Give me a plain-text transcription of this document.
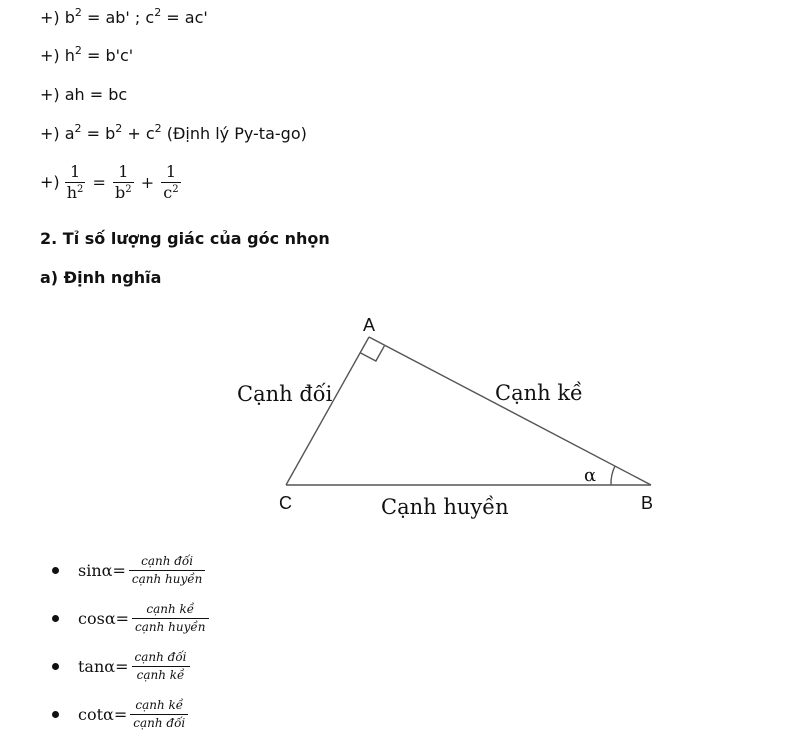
+) $b^2 = ab'$ ; $c^2 = ac'$
+) $h^2 = b'c'$
+) ah = bc
+) $a^2 = b^2 + c^2$ (Định lý Py-ta-go)
+) $\frac{1}{h^2} = \frac{1}{b^2} + \frac{1}{c^2}$
2. Tỉ số lượng giác của góc nhọn
a) Định nghĩa
A
C	B
α
Cạnh đối	Cạnh kề
Cạnh huyền
$\sin\alpha= \frac{\text{cạnh đối}}{\text{cạnh huyền}}$
$\cos\alpha= \frac{\text{cạnh kề}}{\text{cạnh huyền}}$
$\tan\alpha= \frac{\text{cạnh đối}}{\text{cạnh kề}}$
$\cot\alpha= \frac{\text{cạnh kề}}{\text{cạnh đối}}$
